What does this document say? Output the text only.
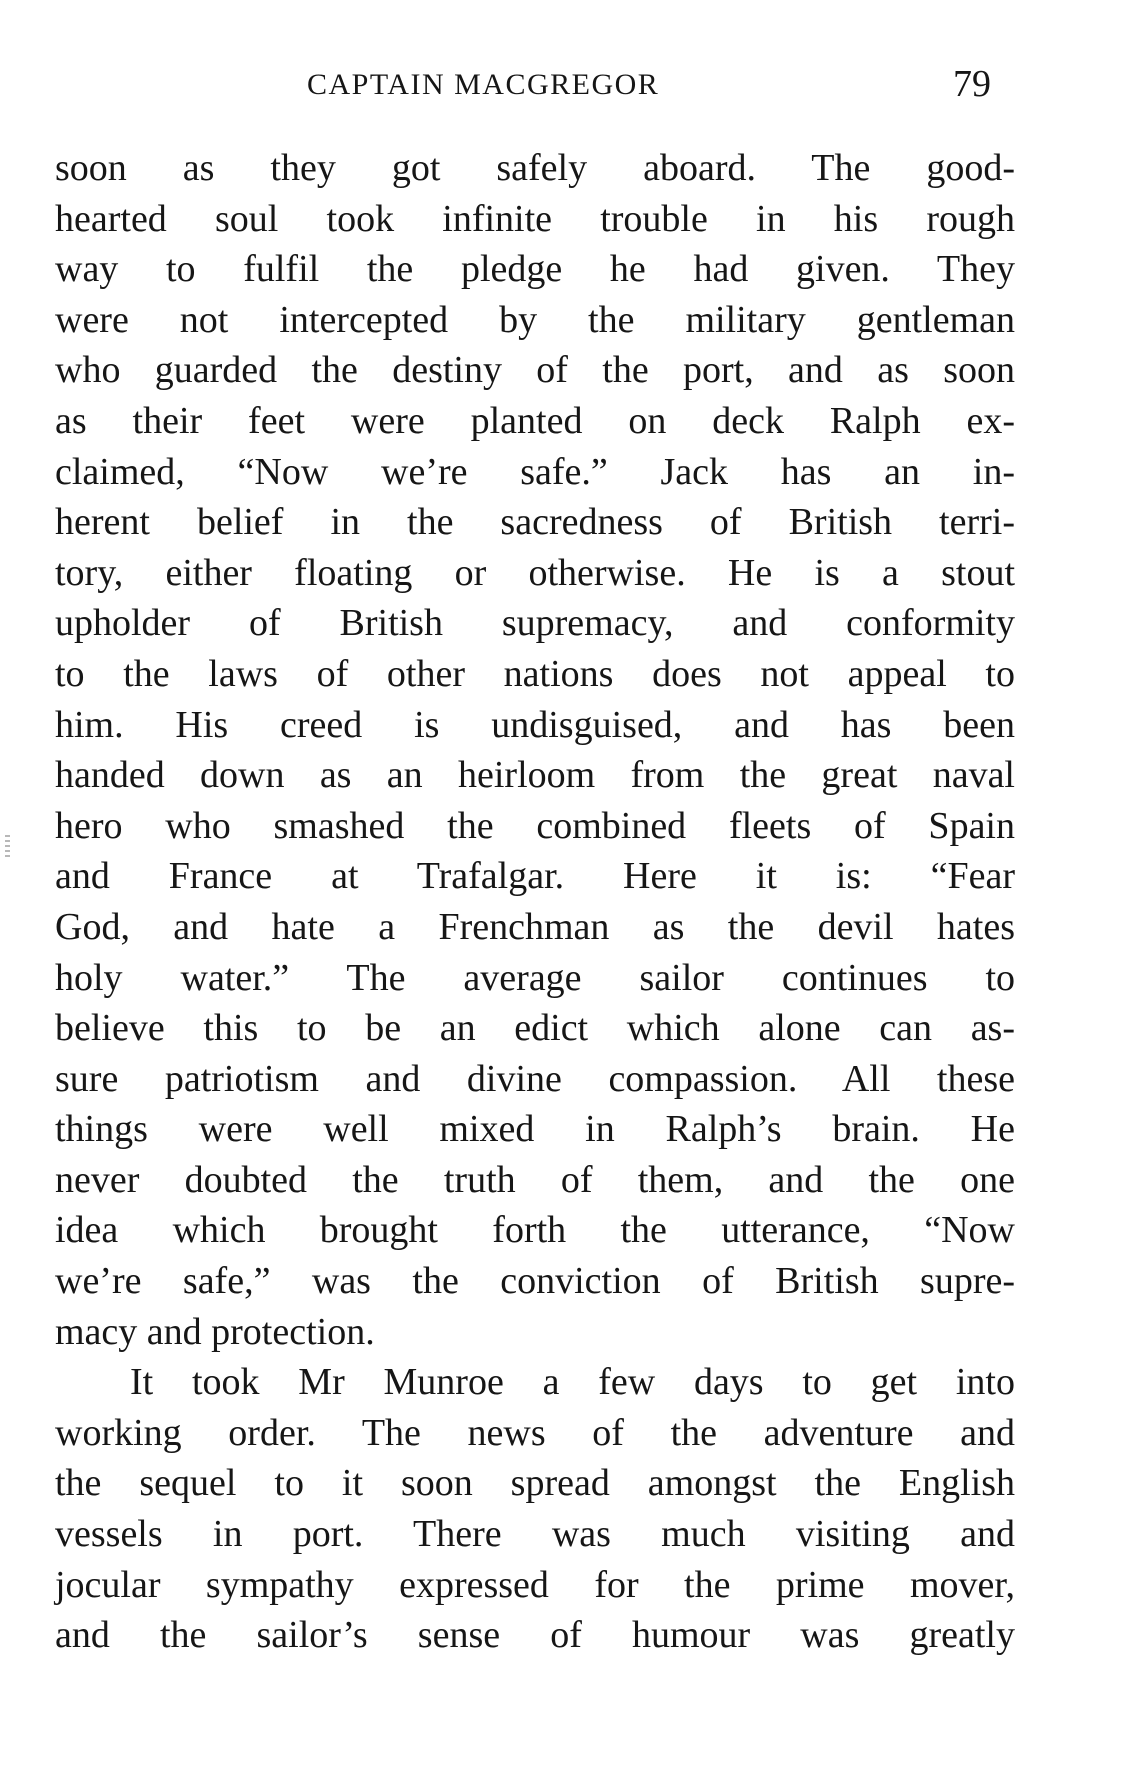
CAPTAIN MACGREGOR	79
soon as they got safely aboard. The good-
hearted soul took infinite trouble in his rough
way to fulfil the pledge he had given. They
were not intercepted by the military gentleman
who guarded the destiny of the port, and as soon
as their feet were planted on deck Ralph ex-
claimed, “Now we’re safe.” Jack has an in-
herent belief in the sacredness of British terri-
tory, either floating or otherwise. He is a stout
upholder of British supremacy, and conformity
to the laws of other nations does not appeal to
him. His creed is undisguised, and has been
handed down as an heirloom from the great naval
hero who smashed the combined fleets of Spain
and France at Trafalgar. Here it is: “Fear
God, and hate a Frenchman as the devil hates
holy water.” The average sailor continues to
believe this to be an edict which alone can as-
sure patriotism and divine compassion. All these
things were well mixed in Ralph’s brain. He
never doubted the truth of them, and the one
idea which brought forth the utterance, “Now
we’re safe,” was the conviction of British supre-
macy and protection.
It took Mr Munroe a few days to get into
working order. The news of the adventure and
the sequel to it soon spread amongst the English
vessels in port. There was much visiting and
jocular sympathy expressed for the prime mover,
and the sailor’s sense of humour was greatly
